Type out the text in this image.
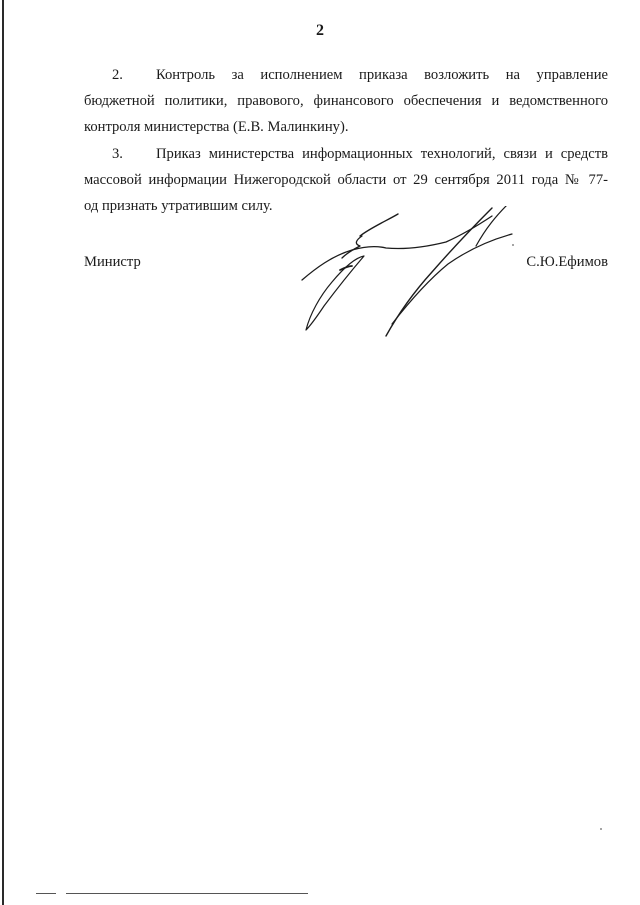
2

2. Контроль за исполнением приказа возложить на управление
бюджетной политики, правового, финансового обеспечения и ведомственного
контроля министерства (Е.В. Малинкину).

3. Приказ министерства информационных технологий, связи и средств
массовой информации Нижегородской области от 29 сентября 2011 года № 77-
од признать утратившим силу.

Министр	С.Ю.Ефимов
